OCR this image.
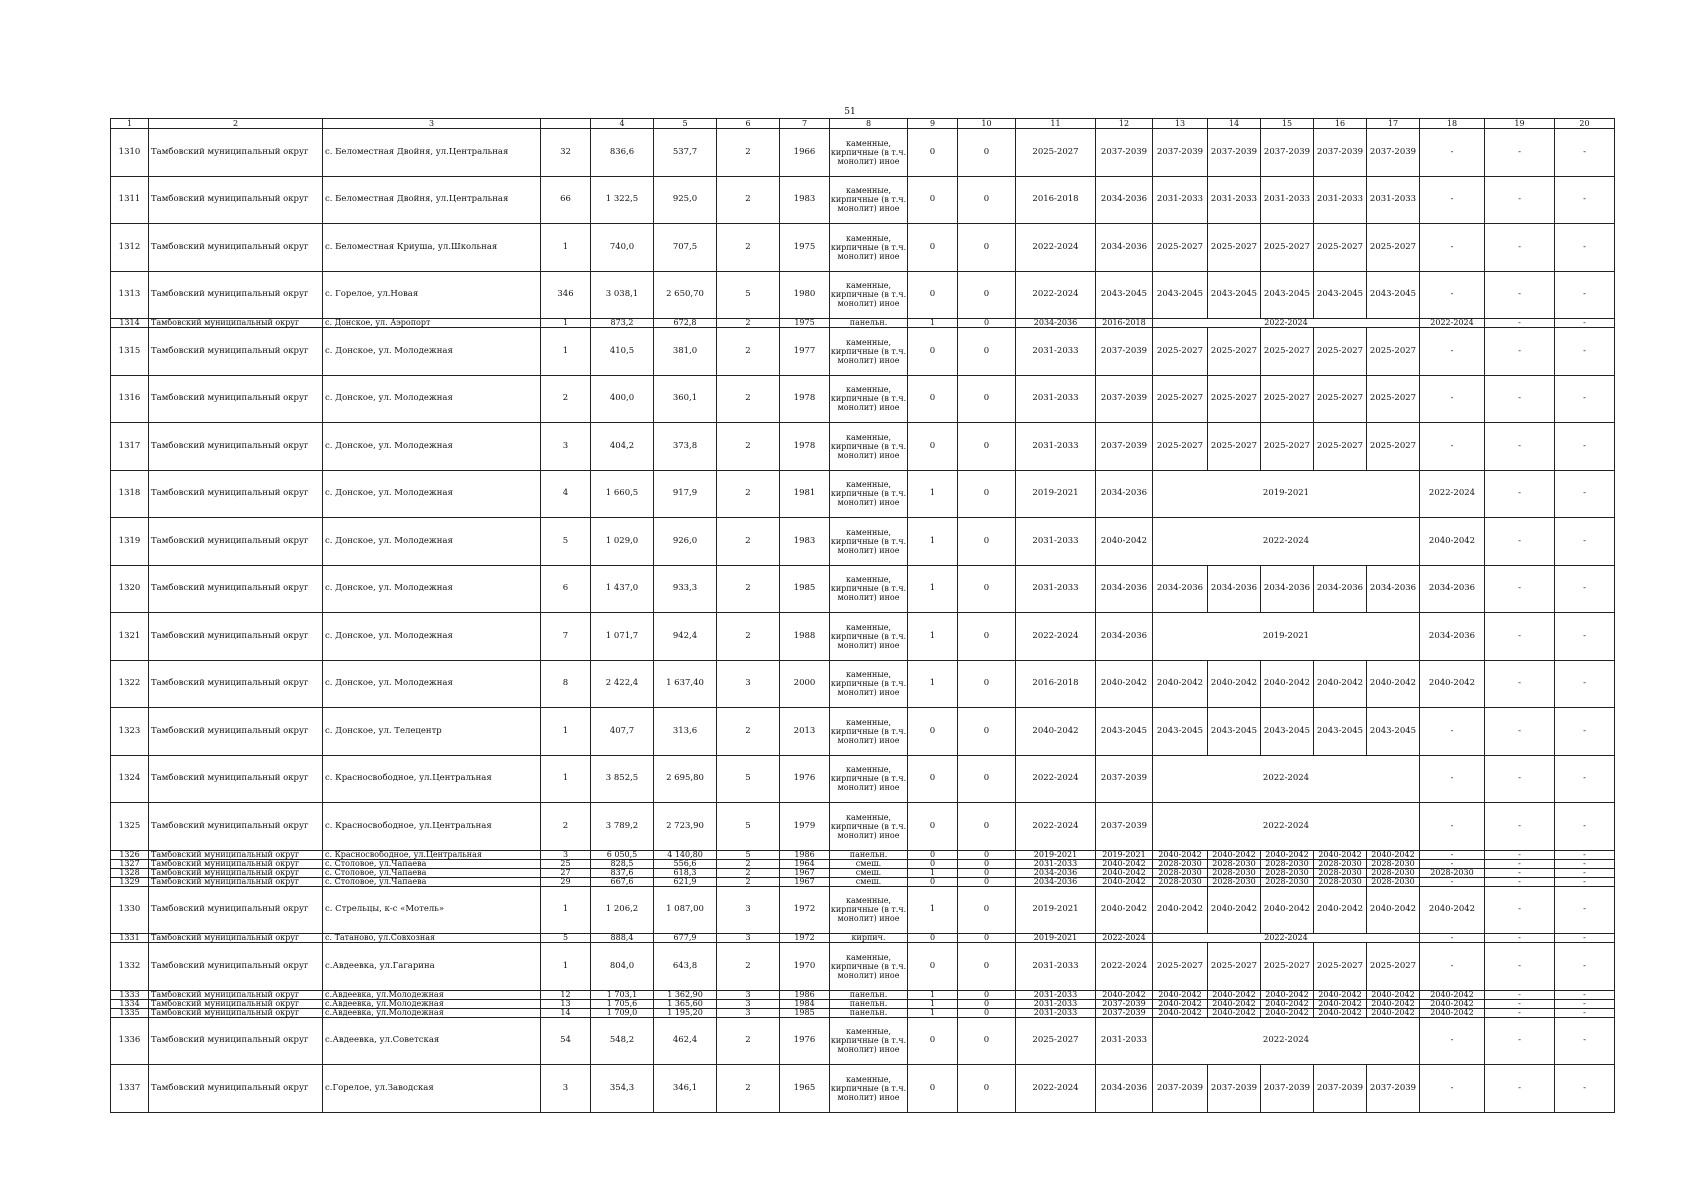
51
1	2	3		4	5	6	7	8	9	10	11	12	13	14	15	16	17	18	19	20
1310	Тамбовский муниципальный округ	с. Беломестная Двойня, ул.Центральная	32	836,6	537,7	2	1966	каменные, кирпичные (в т.ч. монолит) иное	0	0	2025-2027	2037-2039	2037-2039	2037-2039	2037-2039	2037-2039	2037-2039	-	-	-
1311	Тамбовский муниципальный округ	с. Беломестная Двойня, ул.Центральная	66	1 322,5	925,0	2	1983	каменные, кирпичные (в т.ч. монолит) иное	0	0	2016-2018	2034-2036	2031-2033	2031-2033	2031-2033	2031-2033	2031-2033	-	-	-
1312	Тамбовский муниципальный округ	с. Беломестная Криуша, ул.Школьная	1	740,0	707,5	2	1975	каменные, кирпичные (в т.ч. монолит) иное	0	0	2022-2024	2034-2036	2025-2027	2025-2027	2025-2027	2025-2027	2025-2027	-	-	-
1313	Тамбовский муниципальный округ	с. Горелое, ул.Новая	346	3 038,1	2 650,70	5	1980	каменные, кирпичные (в т.ч. монолит) иное	0	0	2022-2024	2043-2045	2043-2045	2043-2045	2043-2045	2043-2045	2043-2045	-	-	-
1314	Тамбовский муниципальный округ	с. Донское, ул. Аэропорт	1	873,2	672,8	2	1975	панельн.	1	0	2034-2036	2016-2018	2022-2024					2022-2024	-	-
1315	Тамбовский муниципальный округ	с. Донское, ул. Молодежная	1	410,5	381,0	2	1977	каменные, кирпичные (в т.ч. монолит) иное	0	0	2031-2033	2037-2039	2025-2027	2025-2027	2025-2027	2025-2027	2025-2027	-	-	-
1316	Тамбовский муниципальный округ	с. Донское, ул. Молодежная	2	400,0	360,1	2	1978	каменные, кирпичные (в т.ч. монолит) иное	0	0	2031-2033	2037-2039	2025-2027	2025-2027	2025-2027	2025-2027	2025-2027	-	-	-
1317	Тамбовский муниципальный округ	с. Донское, ул. Молодежная	3	404,2	373,8	2	1978	каменные, кирпичные (в т.ч. монолит) иное	0	0	2031-2033	2037-2039	2025-2027	2025-2027	2025-2027	2025-2027	2025-2027	-	-	-
1318	Тамбовский муниципальный округ	с. Донское, ул. Молодежная	4	1 660,5	917,9	2	1981	каменные, кирпичные (в т.ч. монолит) иное	1	0	2019-2021	2034-2036	2019-2021					2022-2024	-	-
1319	Тамбовский муниципальный округ	с. Донское, ул. Молодежная	5	1 029,0	926,0	2	1983	каменные, кирпичные (в т.ч. монолит) иное	1	0	2031-2033	2040-2042	2022-2024					2040-2042	-	-
1320	Тамбовский муниципальный округ	с. Донское, ул. Молодежная	6	1 437,0	933,3	2	1985	каменные, кирпичные (в т.ч. монолит) иное	1	0	2031-2033	2034-2036	2034-2036	2034-2036	2034-2036	2034-2036	2034-2036	2034-2036	-	-
1321	Тамбовский муниципальный округ	с. Донское, ул. Молодежная	7	1 071,7	942,4	2	1988	каменные, кирпичные (в т.ч. монолит) иное	1	0	2022-2024	2034-2036	2019-2021					2034-2036	-	-
1322	Тамбовский муниципальный округ	с. Донское, ул. Молодежная	8	2 422,4	1 637,40	3	2000	каменные, кирпичные (в т.ч. монолит) иное	1	0	2016-2018	2040-2042	2040-2042	2040-2042	2040-2042	2040-2042	2040-2042	2040-2042	-	-
1323	Тамбовский муниципальный округ	с. Донское, ул. Телецентр	1	407,7	313,6	2	2013	каменные, кирпичные (в т.ч. монолит) иное	0	0	2040-2042	2043-2045	2043-2045	2043-2045	2043-2045	2043-2045	2043-2045	-	-	-
1324	Тамбовский муниципальный округ	с. Красносвободное, ул.Центральная	1	3 852,5	2 695,80	5	1976	каменные, кирпичные (в т.ч. монолит) иное	0	0	2022-2024	2037-2039	2022-2024					-	-	-
1325	Тамбовский муниципальный округ	с. Красносвободное, ул.Центральная	2	3 789,2	2 723,90	5	1979	каменные, кирпичные (в т.ч. монолит) иное	0	0	2022-2024	2037-2039	2022-2024					-	-	-
1326	Тамбовский муниципальный округ	с. Красносвободное, ул.Центральная	3	6 050,5	4 140,80	5	1986	панельн.	0	0	2019-2021	2019-2021	2040-2042	2040-2042	2040-2042	2040-2042	2040-2042	-	-	-
1327	Тамбовский муниципальный округ	с. Столовое, ул.Чапаева	25	828,5	556,6	2	1964	смеш.	0	0	2031-2033	2040-2042	2028-2030	2028-2030	2028-2030	2028-2030	2028-2030	-	-	-
1328	Тамбовский муниципальный округ	с. Столовое, ул.Чапаева	27	837,6	618,3	2	1967	смеш.	1	0	2034-2036	2040-2042	2028-2030	2028-2030	2028-2030	2028-2030	2028-2030	2028-2030	-	-
1329	Тамбовский муниципальный округ	с. Столовое, ул.Чапаева	29	667,6	621,9	2	1967	смеш.	0	0	2034-2036	2040-2042	2028-2030	2028-2030	2028-2030	2028-2030	2028-2030	-	-	-
1330	Тамбовский муниципальный округ	с. Стрельцы, к-с «Мотель»	1	1 206,2	1 087,00	3	1972	каменные, кирпичные (в т.ч. монолит) иное	1	0	2019-2021	2040-2042	2040-2042	2040-2042	2040-2042	2040-2042	2040-2042	2040-2042	-	-
1331	Тамбовский муниципальный округ	с. Татаново, ул.Совхозная	5	888,4	677,9	3	1972	кирпич.	0	0	2019-2021	2022-2024	2022-2024					-	-	-
1332	Тамбовский муниципальный округ	с.Авдеевка, ул.Гагарина	1	804,0	643,8	2	1970	каменные, кирпичные (в т.ч. монолит) иное	0	0	2031-2033	2022-2024	2025-2027	2025-2027	2025-2027	2025-2027	2025-2027	-	-	-
1333	Тамбовский муниципальный округ	с.Авдеевка, ул.Молодежная	12	1 703,1	1 362,90	3	1986	панельн.	1	0	2031-2033	2040-2042	2040-2042	2040-2042	2040-2042	2040-2042	2040-2042	2040-2042	-	-
1334	Тамбовский муниципальный округ	с.Авдеевка, ул.Молодежная	13	1 705,6	1 365,60	3	1984	панельн.	1	0	2031-2033	2037-2039	2040-2042	2040-2042	2040-2042	2040-2042	2040-2042	2040-2042	-	-
1335	Тамбовский муниципальный округ	с.Авдеевка, ул.Молодежная	14	1 709,0	1 195,20	3	1985	панельн.	1	0	2031-2033	2037-2039	2040-2042	2040-2042	2040-2042	2040-2042	2040-2042	2040-2042	-	-
1336	Тамбовский муниципальный округ	с.Авдеевка, ул.Советская	54	548,2	462,4	2	1976	каменные, кирпичные (в т.ч. монолит) иное	0	0	2025-2027	2031-2033	2022-2024					-	-	-
1337	Тамбовский муниципальный округ	с.Горелое, ул.Заводская	3	354,3	346,1	2	1965	каменные, кирпичные (в т.ч. монолит) иное	0	0	2022-2024	2034-2036	2037-2039	2037-2039	2037-2039	2037-2039	2037-2039	-	-	-
